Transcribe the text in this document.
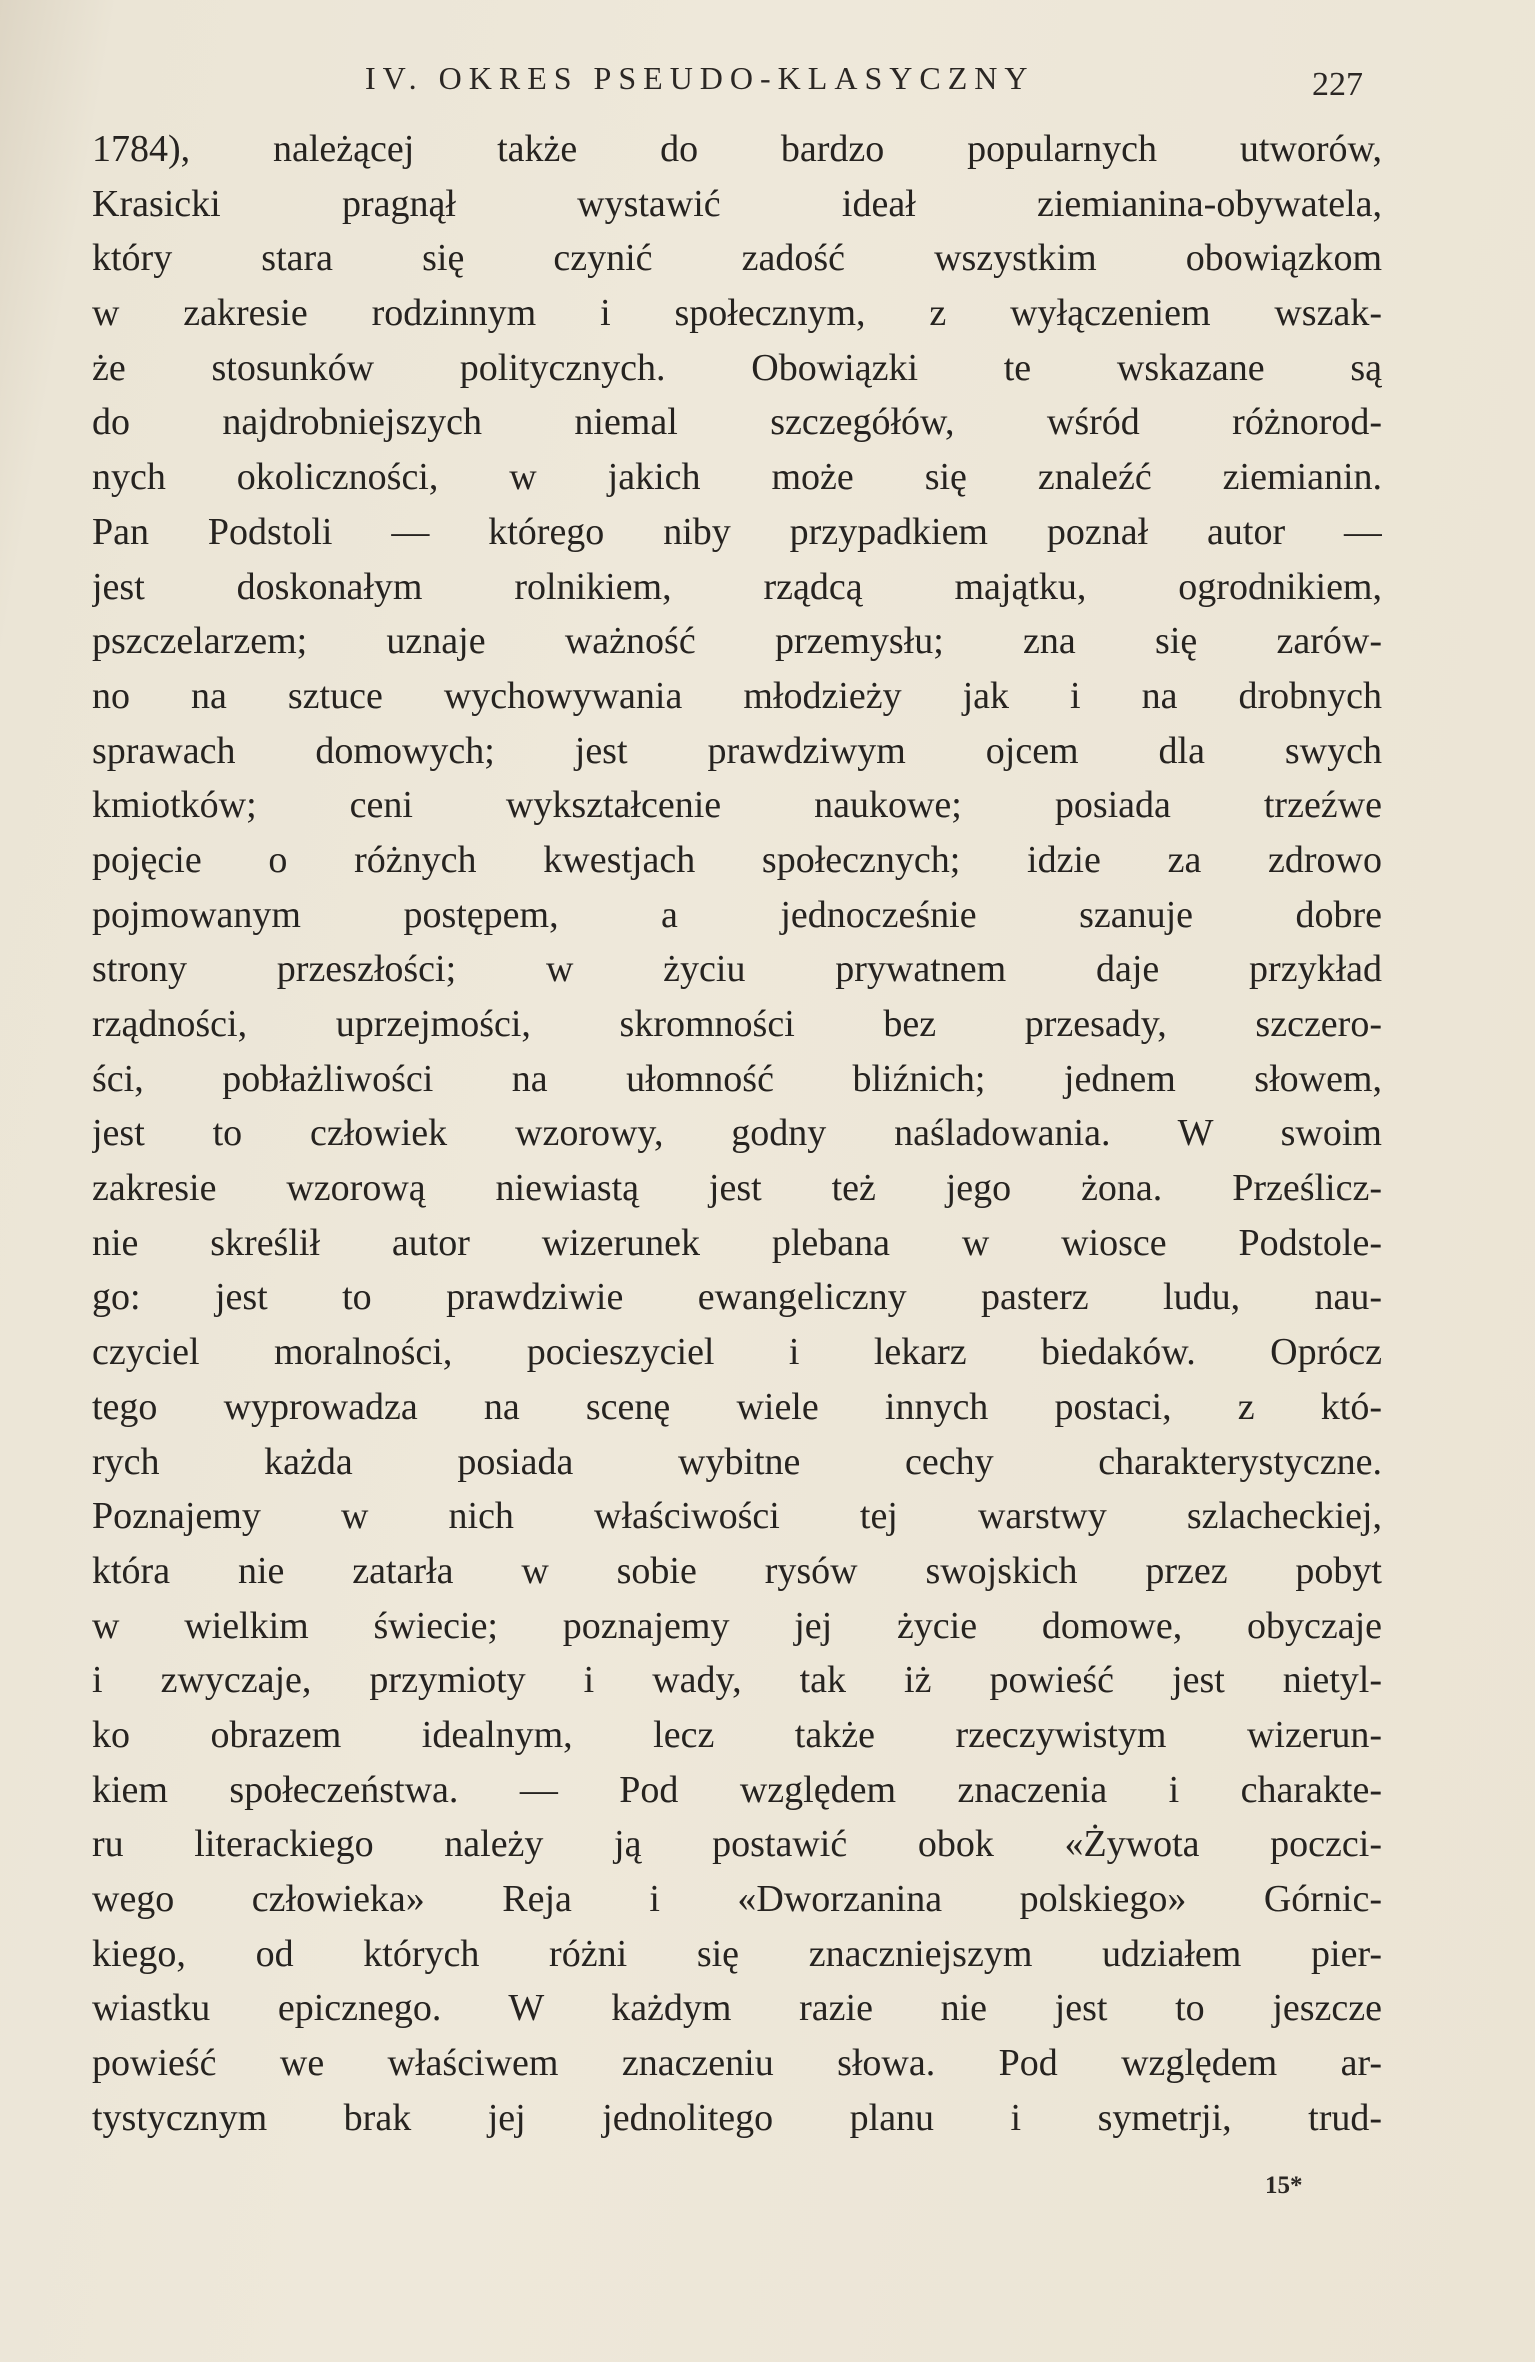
IV. OKRES PSEUDO-KLASYCZNY	227
1784), należącej także do bardzo popularnych utworów,
Krasicki pragnął wystawić ideał ziemianina-obywatela,
który stara się czynić zadość wszystkim obowiązkom
w zakresie rodzinnym i społecznym, z wyłączeniem wszak-
że stosunków politycznych. Obowiązki te wskazane są
do najdrobniejszych niemal szczegółów, wśród różnorod-
nych okoliczności, w jakich może się znaleźć ziemianin.
Pan Podstoli — którego niby przypadkiem poznał autor —
jest doskonałym rolnikiem, rządcą majątku, ogrodnikiem,
pszczelarzem; uznaje ważność przemysłu; zna się zarów-
no na sztuce wychowywania młodzieży jak i na drobnych
sprawach domowych; jest prawdziwym ojcem dla swych
kmiotków; ceni wykształcenie naukowe; posiada trzeźwe
pojęcie o różnych kwestjach społecznych; idzie za zdrowo
pojmowanym postępem, a jednocześnie szanuje dobre
strony przeszłości; w życiu prywatnem daje przykład
rządności, uprzejmości, skromności bez przesady, szczero-
ści, pobłażliwości na ułomność bliźnich; jednem słowem,
jest to człowiek wzorowy, godny naśladowania. W swoim
zakresie wzorową niewiastą jest też jego żona. Prześlicz-
nie skreślił autor wizerunek plebana w wiosce Podstole-
go: jest to prawdziwie ewangeliczny pasterz ludu, nau-
czyciel moralności, pocieszyciel i lekarz biedaków. Oprócz
tego wyprowadza na scenę wiele innych postaci, z któ-
rych każda posiada wybitne cechy charakterystyczne.
Poznajemy w nich właściwości tej warstwy szlacheckiej,
która nie zatarła w sobie rysów swojskich przez pobyt
w wielkim świecie; poznajemy jej życie domowe, obyczaje
i zwyczaje, przymioty i wady, tak iż powieść jest nietyl-
ko obrazem idealnym, lecz także rzeczywistym wizerun-
kiem społeczeństwa. — Pod względem znaczenia i charakte-
ru literackiego należy ją postawić obok «Żywota poczci-
wego człowieka» Reja i «Dworzanina polskiego» Górnic-
kiego, od których różni się znaczniejszym udziałem pier-
wiastku epicznego. W każdym razie nie jest to jeszcze
powieść we właściwem znaczeniu słowa. Pod względem ar-
tystycznym brak jej jednolitego planu i symetrji, trud-
15*
